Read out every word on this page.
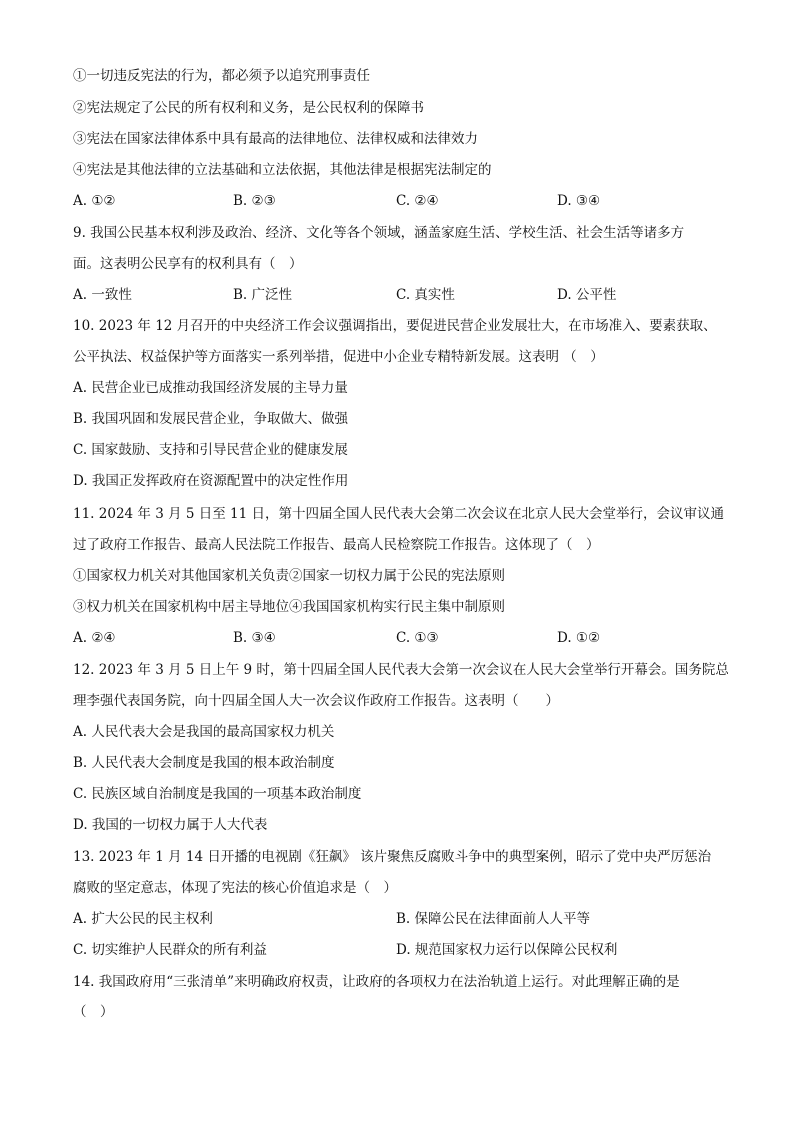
①一切违反宪法的行为，都必须予以追究刑事责任
②宪法规定了公民的所有权利和义务，是公民权利的保障书
③宪法在国家法律体系中具有最高的法律地位、法律权威和法律效力
④宪法是其他法律的立法基础和立法依据，其他法律是根据宪法制定的
A. ①②	B. ②③	C. ②④	D. ③④
9. 我国公民基本权利涉及政治、经济、文化等各个领域，涵盖家庭生活、学校生活、社会生活等诸多方
面。这表明公民享有的权利具有（　）
A. 一致性	B. 广泛性	C. 真实性	D. 公平性
10. 2023 年 12 月召开的中央经济工作会议强调指出，要促进民营企业发展壮大，在市场准入、要素获取、
公平执法、权益保护等方面落实一系列举措，促进中小企业专精特新发展。这表明 （　）
A. 民营企业已成推动我国经济发展的主导力量
B. 我国巩固和发展民营企业，争取做大、做强
C. 国家鼓励、支持和引导民营企业的健康发展
D. 我国正发挥政府在资源配置中的决定性作用
11. 2024 年 3 月 5 日至 11 日，第十四届全国人民代表大会第二次会议在北京人民大会堂举行，会议审议通
过了政府工作报告、最高人民法院工作报告、最高人民检察院工作报告。这体现了（　）
①国家权力机关对其他国家机关负责②国家一切权力属于公民的宪法原则
③权力机关在国家机构中居主导地位④我国国家机构实行民主集中制原则
A. ②④	B. ③④	C. ①③	D. ①②
12. 2023 年 3 月 5 日上午 9 时，第十四届全国人民代表大会第一次会议在人民大会堂举行开幕会。国务院总
理李强代表国务院，向十四届全国人大一次会议作政府工作报告。这表明（　　）
A. 人民代表大会是我国的最高国家权力机关
B. 人民代表大会制度是我国的根本政治制度
C. 民族区域自治制度是我国的一项基本政治制度
D. 我国的一切权力属于人大代表
13. 2023 年 1 月 14 日开播的电视剧《狂飙》 该片聚焦反腐败斗争中的典型案例，昭示了党中央严厉惩治
腐败的坚定意志，体现了宪法的核心价值追求是（　）
A. 扩大公民的民主权利	B. 保障公民在法律面前人人平等
C. 切实维护人民群众的所有利益	D. 规范国家权力运行以保障公民权利
14. 我国政府用“三张清单”来明确政府权责，让政府的各项权力在法治轨道上运行。对此理解正确的是
（　）
